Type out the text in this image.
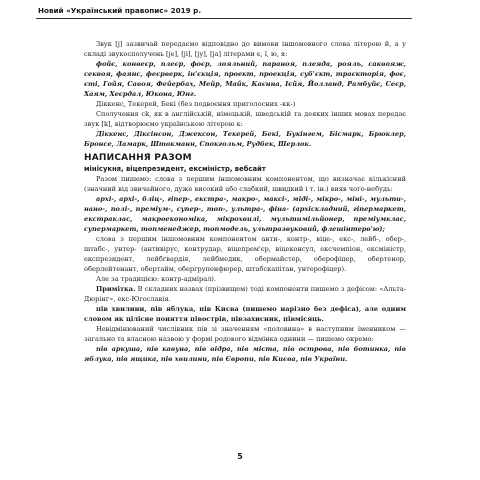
Новий «Український правопис» 2019 р.

Звук [j] зазвичай передаємо відповідно до вимови іншомовного слова літерою й, а у складі звукосполучень [jе], [jі], [jу], [jа] літерами є, ї, ю, я:

фойє, конвеєр, плеєр, фоєр, лояльний, параноя, плеяда, рояль, саквояж, секвоя, фаянс, феєрверк, ін'єкція, проект, проекція, суб'єкт, траєкторія, фоє, єті, Гойя, Савоя, Фейербах, Мейр, Майк, Каєнна, Ієйя, Йолланд, Рамбуйє, Сеєр, Хаям, Хеєрдал, Юкона, Юнг.

Діккенс, Текерей, Бекі (без подвоєння приголосних -кк-)

Сполучення ck, як в англійській, німецькій, шведській та деяких інших мовах передає звук [k], відтворюємо українською літерою к:

Діккенс, Діксінсон, Джексон, Текерей, Бекі, Букінгем, Бісмарк, Брюклер, Бронсе, Ламарк, Штокманн, Спокгольм, Рудбек, Шерлок.

НАПИСАННЯ РАЗОМ
мінісукня, віцепрезидент, ексміністр, вебсайт

Разом пишемо: слова з першим іншомовним компонентом, що визначає кількісний (значний від звичайного, дуже високий або слабкий, швидкий і т. ін.) вияв чого-небудь:

архі-, архі-, бліц-, гіпер-, екстра-, макро-, максі-, міді-, мікро-, міні-, мульти-, нано-, полі-, преміум-, супер-, топ-, ультра-, фіна- (архіскладний, гіпермаркет, екстраклас, макроекономіка, мікрохвилі, мультимільйонер, преміумклас, супермаркет, топменеджер, топмодель, ультразвуковий, флешінтерв'ю);

слова з першим іншомовним компонентом анти-, контр-, віце-, екс-, лейб-, обер-, штабс-, унтер- (антивірус, контрудар, віцепрем'єр, віцеконсул, ексчемпіон, ексміністр, експрезидент, лейбгвардія, лейбмедик, обермайстер, оберофіцер, обертенор, оберлейтенант, обертайм, обергрупенфюрер, штабскапітан, унтерофіцер).

Але за традицією: контр-адмірал).

Примітка. В складних назвах (прізвищем) тоді компоненти пишемо з дефісом: «Альта-Дюрінг», екс-Югославія.

пів хвилини, пів яблука, пів Києва (пишемо нарізно без дефіса), але одним словом як цілісне поняття півострів, півзахисник, півмісяць.

Невідмінюваний числівник пів зі значенням «половина» в наступним іменником — загально та власною назвою у формі родового відмінка однини — пишемо окремо:

пів аркуша, пів кавуна, пів відра, пів міста, пів острова, пів ботинка, пів яблука, пів ящика, пів хвилини, пів Європи, пів Києва, пів України.

5
